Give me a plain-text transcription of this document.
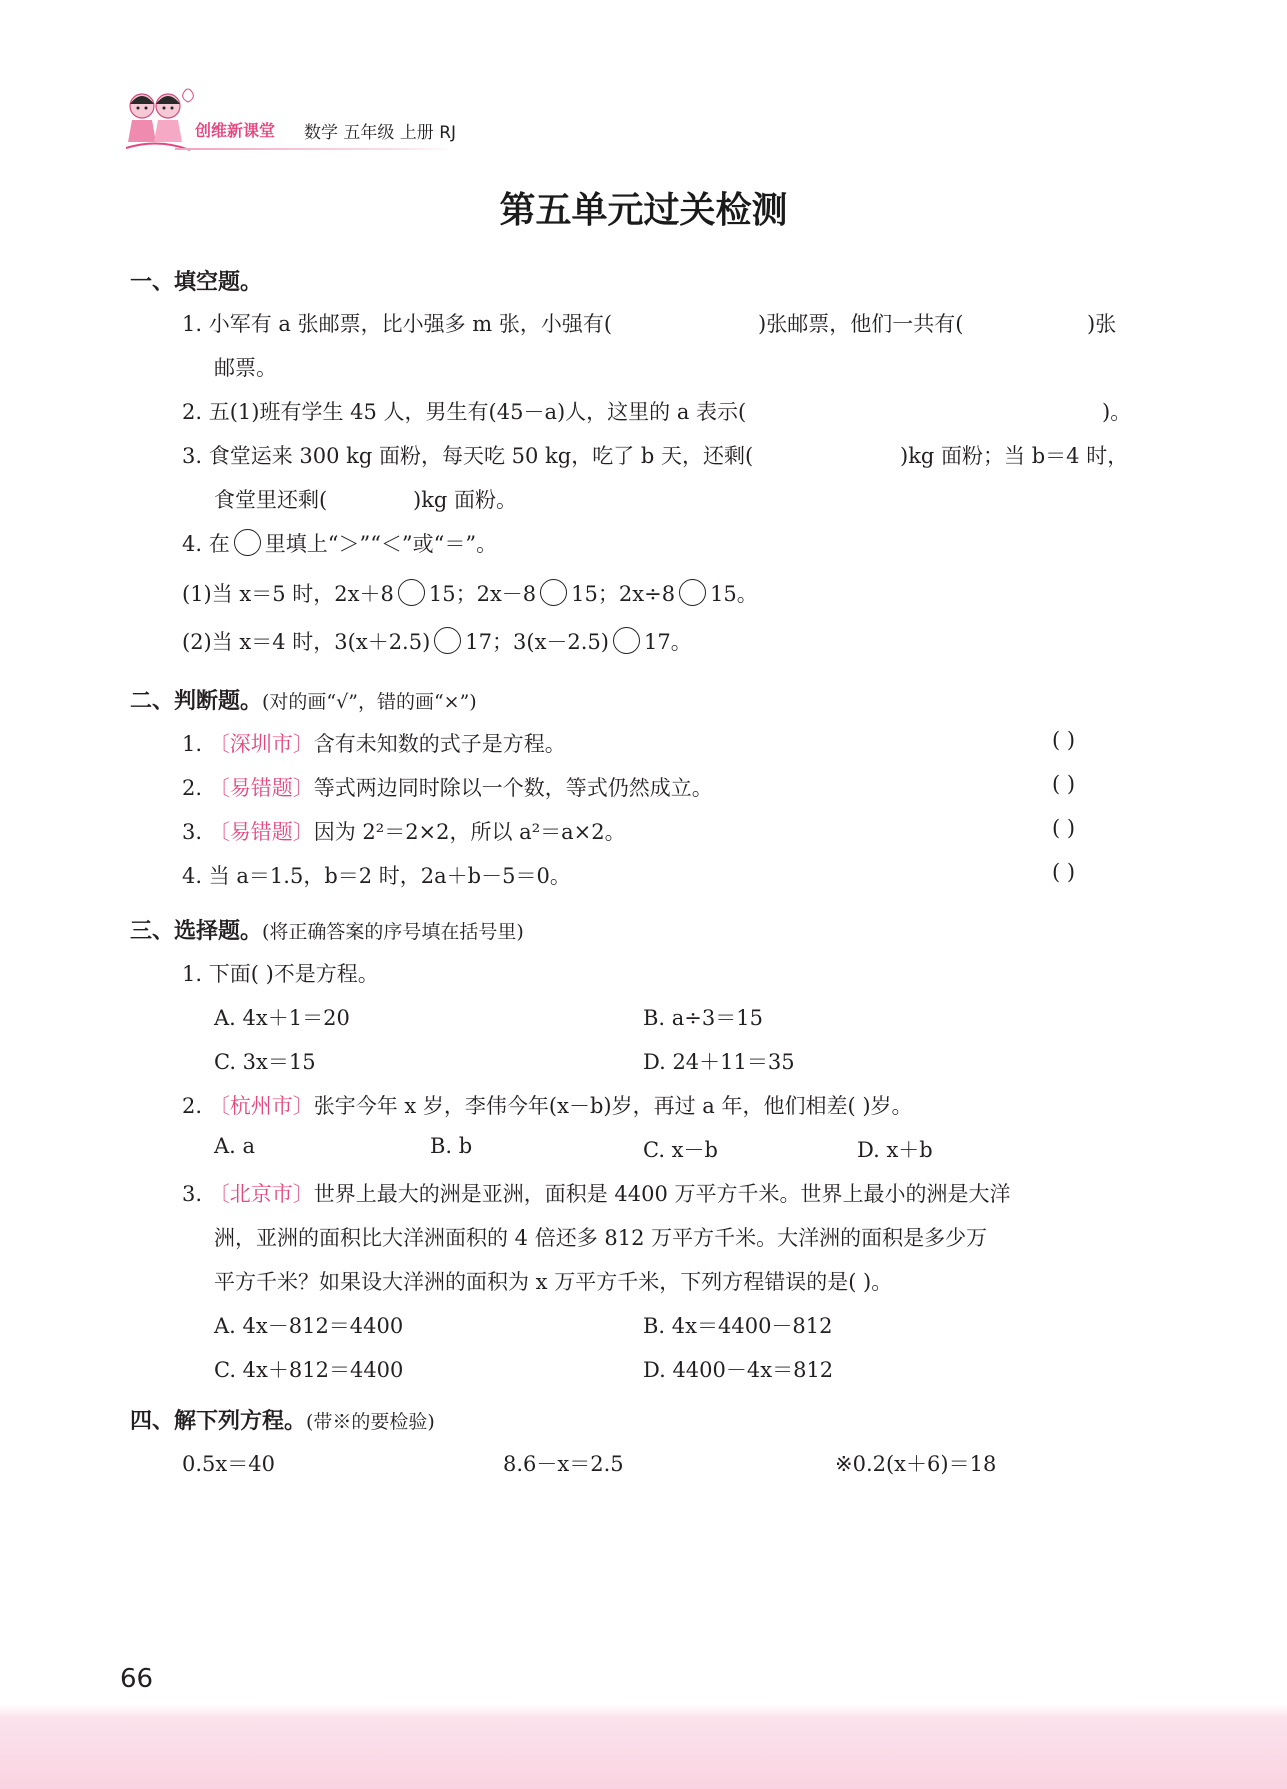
创维新课堂 数学 五年级 上册 RJ
第五单元过关检测
一、填空题。
1. 小军有 a 张邮票，比小强多 m 张，小强有(	)张邮票，他们一共有(	)张
邮票。
2. 五(1)班有学生 45 人，男生有(45－a)人，这里的 a 表示(	)。
3. 食堂运来 300 kg 面粉，每天吃 50 kg，吃了 b 天，还剩(	)kg 面粉；当 b＝4 时，
食堂里还剩(	)kg 面粉。
4. 在 里填上“＞”“＜”或“＝”。
(1)当 x＝5 时，2x＋8 15；2x－8 15；2x÷8 15。
(2)当 x＝4 时，3(x＋2.5) 17；3(x－2.5) 17。
二、判断题。(对的画“√”，错的画“×”)
1. 〔深圳市〕含有未知数的式子是方程。	( )
2. 〔易错题〕等式两边同时除以一个数，等式仍然成立。	( )
3. 〔易错题〕因为 2²＝2×2，所以 a²＝a×2。	( )
4. 当 a＝1.5，b＝2 时，2a＋b－5＝0。	( )
三、选择题。(将正确答案的序号填在括号里)
1. 下面( )不是方程。
A. 4x＋1＝20	B. a÷3＝15
C. 3x＝15	D. 24＋11＝35
2. 〔杭州市〕张宇今年 x 岁，李伟今年(x－b)岁，再过 a 年，他们相差( )岁。
A. a	B. b	C. x－b	D. x＋b
3. 〔北京市〕世界上最大的洲是亚洲，面积是 4400 万平方千米。世界上最小的洲是大洋
洲，亚洲的面积比大洋洲面积的 4 倍还多 812 万平方千米。大洋洲的面积是多少万
平方千米？如果设大洋洲的面积为 x 万平方千米，下列方程错误的是( )。
A. 4x－812＝4400	B. 4x＝4400－812
C. 4x＋812＝4400	D. 4400－4x＝812
四、解下列方程。(带※的要检验)
0.5x＝40	8.6－x＝2.5	※0.2(x＋6)＝18
66
